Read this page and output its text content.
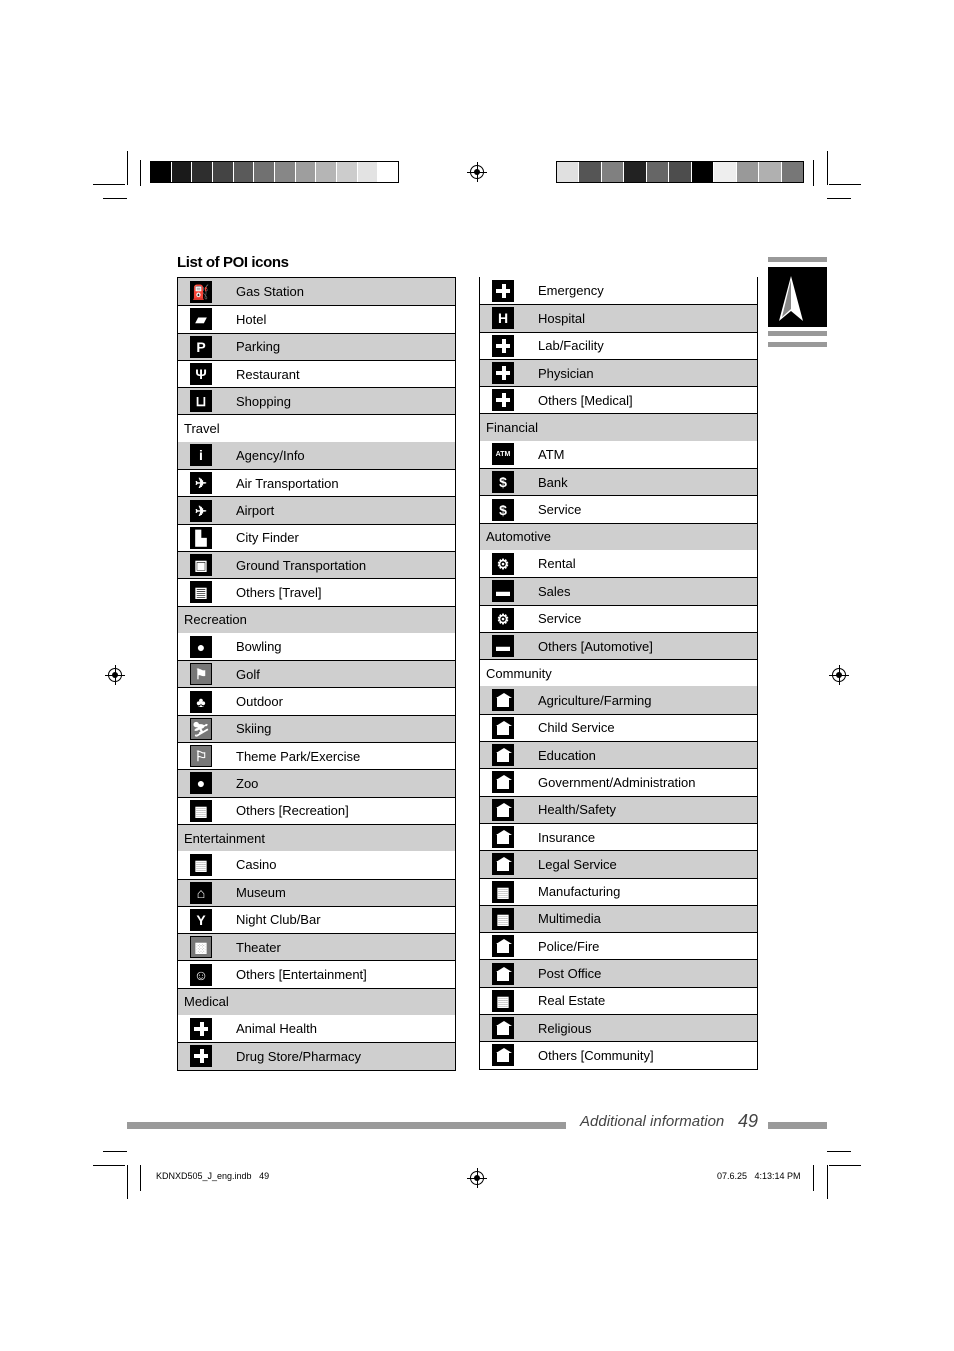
List of POI icons
⛽ Gas Station
▰ Hotel
P Parking
Ψ Restaurant
⊔ Shopping
Travel
i	Agency/Info
✈ Air Transportation
✈ Airport
▙ City Finder
▣ Ground Transportation
▤ Others [Travel]
Recreation
● Bowling
⚑ Golf
♣ Outdoor
⛷ Skiing
⚐ Theme Park/Exercise
● Zoo
▦ Others [Recreation]
Entertainment
▦ Casino
⌂ Museum
Y Night Club/Bar
▩ Theater
☺ Others [Entertainment]
Medical
Animal Health
Drug Store/Pharmacy
Emergency
H Hospital
Lab/Facility
Physician
Others [Medical]
Financial
ATM ATM
$ Bank
$ Service
Automotive
⚙ Rental
▬ Sales
⚙ Service
▬ Others [Automotive]
Community
Agriculture/Farming
Child Service
Education
Government/Administration
Health/Safety
Insurance
Legal Service
▦ Manufacturing
▦ Multimedia
Police/Fire
Post Office
▦ Real Estate
Religious
Others [Community]
Additional information 49
KDNXD505_J_eng.indb   49	07.6.25   4:13:14 PM
